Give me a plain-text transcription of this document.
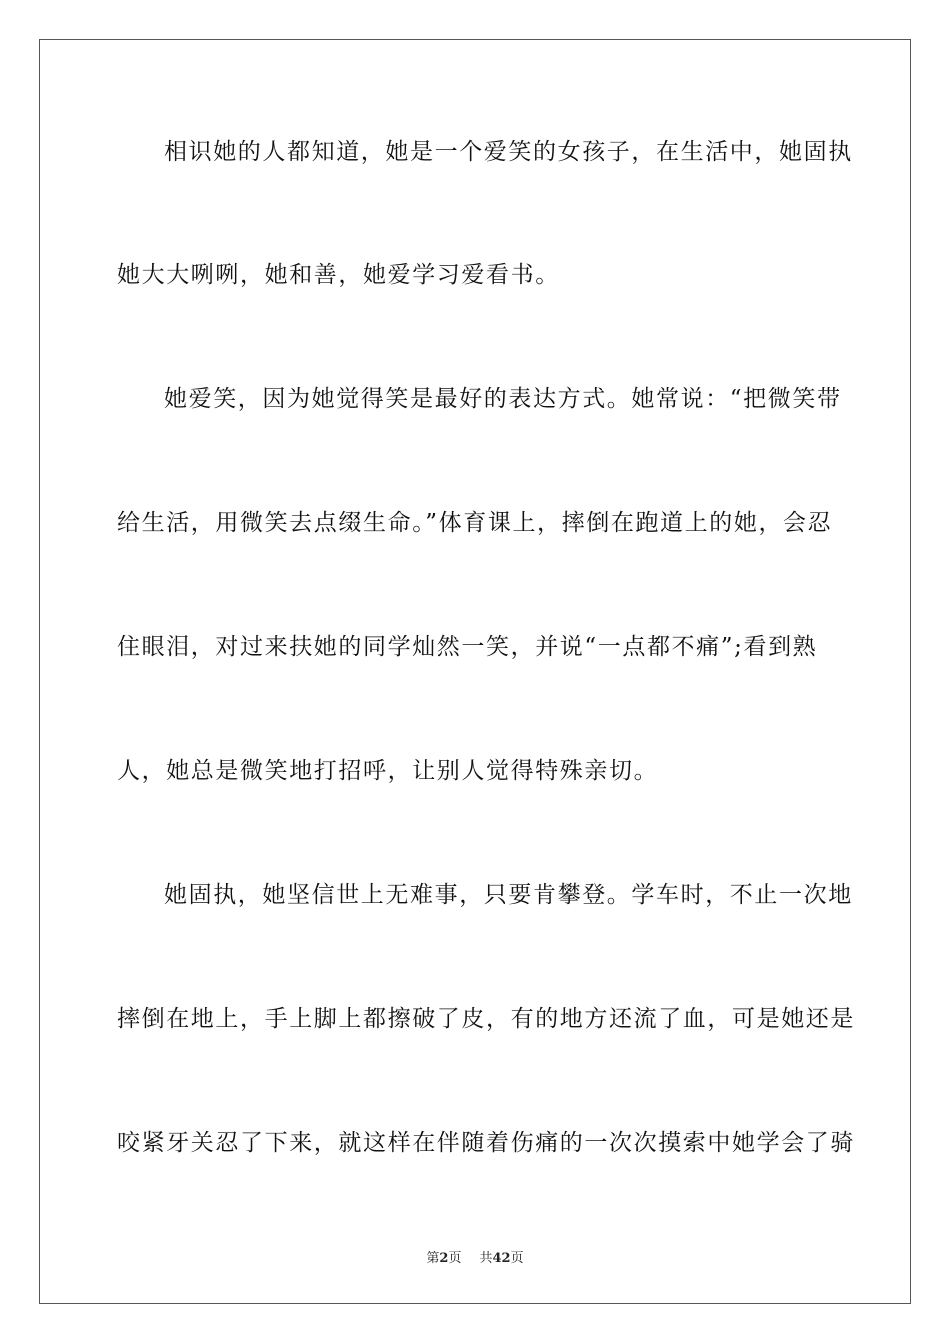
相识她的人都知道，她是一个爱笑的女孩子，在生活中，她固执
她大大咧咧，她和善，她爱学习爱看书。
她爱笑，因为她觉得笑是最好的表达方式。她常说：“把微笑带
给生活，用微笑去点缀生命。”体育课上，摔倒在跑道上的她，会忍
住眼泪，对过来扶她的同学灿然一笑，并说“一点都不痛”;看到熟
人，她总是微笑地打招呼，让别人觉得特殊亲切。
她固执，她坚信世上无难事，只要肯攀登。学车时，不止一次地
摔倒在地上，手上脚上都擦破了皮，有的地方还流了血，可是她还是
咬紧牙关忍了下来，就这样在伴随着伤痛的一次次摸索中她学会了骑
第2页 共42页
